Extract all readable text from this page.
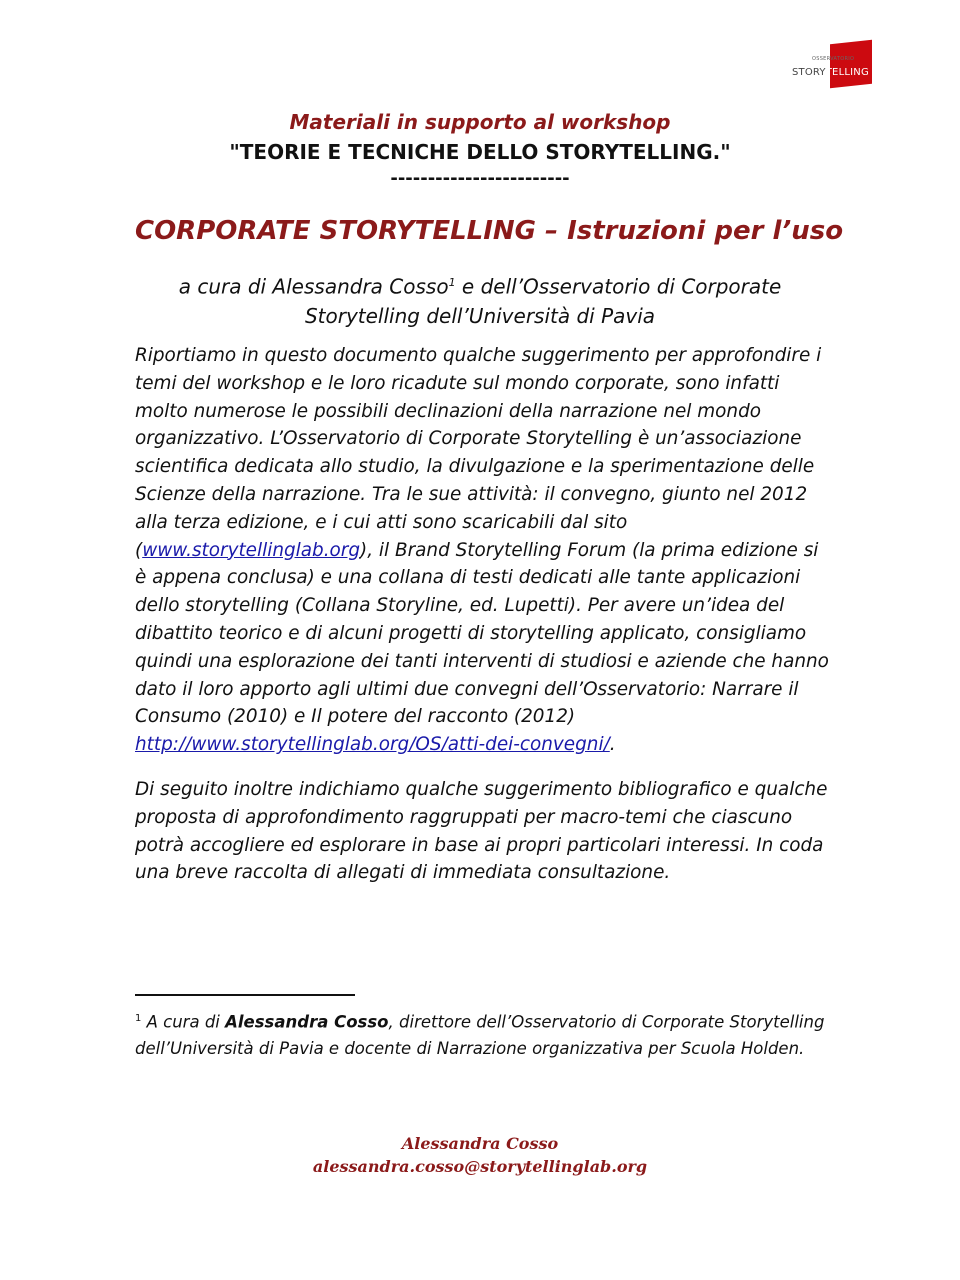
OSSERVATORIO
STORYTELLING
Materiali in supporto al workshop
"TEORIE E TECNICHE DELLO STORYTELLING."
------------------------
CORPORATE STORYTELLING – Istruzioni per l’uso
a cura di Alessandra Cosso$^1$ e dell’Osservatorio di Corporate
Storytelling dell’Università di Pavia

Riportiamo in questo documento qualche suggerimento per approfondire i temi del workshop e le loro ricadute sul mondo corporate, sono infatti molto numerose le possibili declinazioni della narrazione nel mondo organizzativo. L’Osservatorio di Corporate Storytelling è un’associazione scientifica dedicata allo studio, la divulgazione e la sperimentazione delle Scienze della narrazione. Tra le sue attività: il convegno, giunto nel 2012 alla terza edizione, e i cui atti sono scaricabili dal sito (www.storytellinglab.org), il Brand Storytelling Forum (la prima edizione si è appena conclusa) e una collana di testi dedicati alle tante applicazioni dello storytelling (Collana Storyline, ed. Lupetti). Per avere un’idea del dibattito teorico e di alcuni progetti di storytelling applicato, consigliamo quindi una esplorazione dei tanti interventi di studiosi e aziende che hanno dato il loro apporto agli ultimi due convegni dell’Osservatorio: Narrare il Consumo (2010) e Il potere del racconto (2012) http://www.storytellinglab.org/OS/atti-dei-convegni/.

Di seguito inoltre indichiamo qualche suggerimento bibliografico e qualche proposta di approfondimento raggruppati per macro-temi che ciascuno potrà accogliere ed esplorare in base ai propri particolari interessi. In coda una breve raccolta di allegati di immediata consultazione.

$^1$ A cura di Alessandra Cosso, direttore dell’Osservatorio di Corporate Storytelling dell’Università di Pavia e docente di Narrazione organizzativa per Scuola Holden.

Alessandra Cosso
alessandra.cosso@storytellinglab.org
